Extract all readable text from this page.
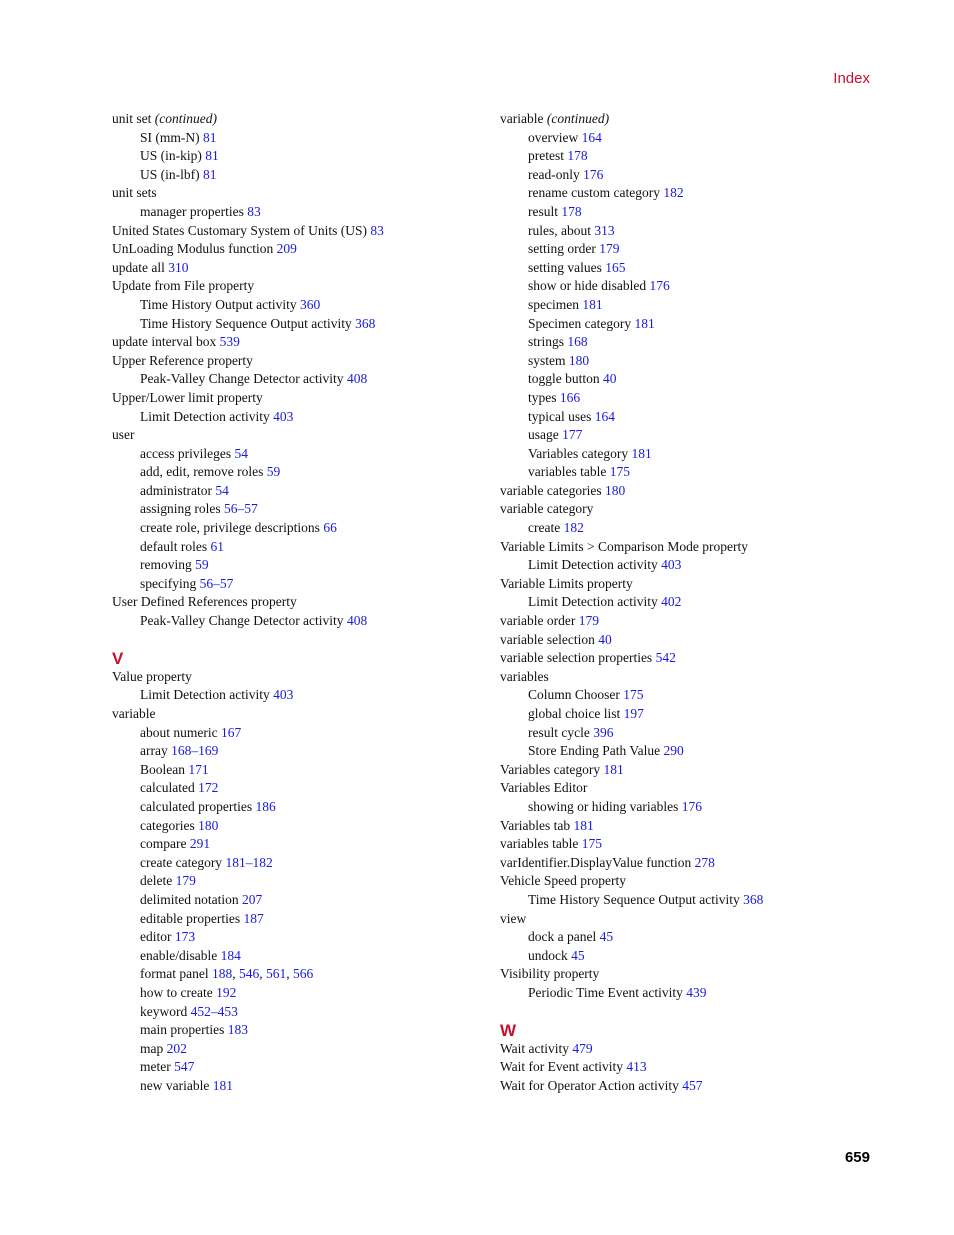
Index
unit set (continued)
SI (mm-N) 81
US (in-kip) 81
US (in-lbf) 81
unit sets
manager properties 83
United States Customary System of Units (US) 83
UnLoading Modulus function 209
update all 310
Update from File property
Time History Output activity 360
Time History Sequence Output activity 368
update interval box 539
Upper Reference property
Peak-Valley Change Detector activity 408
Upper/Lower limit property
Limit Detection activity 403
user
access privileges 54
add, edit, remove roles 59
administrator 54
assigning roles 56–57
create role, privilege descriptions 66
default roles 61
removing 59
specifying 56–57
User Defined References property
Peak-Valley Change Detector activity 408
V
Value property
Limit Detection activity 403
variable
about numeric 167
array 168–169
Boolean 171
calculated 172
calculated properties 186
categories 180
compare 291
create category 181–182
delete 179
delimited notation 207
editable properties 187
editor 173
enable/disable 184
format panel 188, 546, 561, 566
how to create 192
keyword 452–453
main properties 183
map 202
meter 547
new variable 181
variable (continued)
overview 164
pretest 178
read-only 176
rename custom category 182
result 178
rules, about 313
setting order 179
setting values 165
show or hide disabled 176
specimen 181
Specimen category 181
strings 168
system 180
toggle button 40
types 166
typical uses 164
usage 177
Variables category 181
variables table 175
variable categories 180
variable category
create 182
Variable Limits > Comparison Mode property
Limit Detection activity 403
Variable Limits property
Limit Detection activity 402
variable order 179
variable selection 40
variable selection properties 542
variables
Column Chooser 175
global choice list 197
result cycle 396
Store Ending Path Value 290
Variables category 181
Variables Editor
showing or hiding variables 176
Variables tab 181
variables table 175
varIdentifier.DisplayValue function 278
Vehicle Speed property
Time History Sequence Output activity 368
view
dock a panel 45
undock 45
Visibility property
Periodic Time Event activity 439
W
Wait activity 479
Wait for Event activity 413
Wait for Operator Action activity 457
659
